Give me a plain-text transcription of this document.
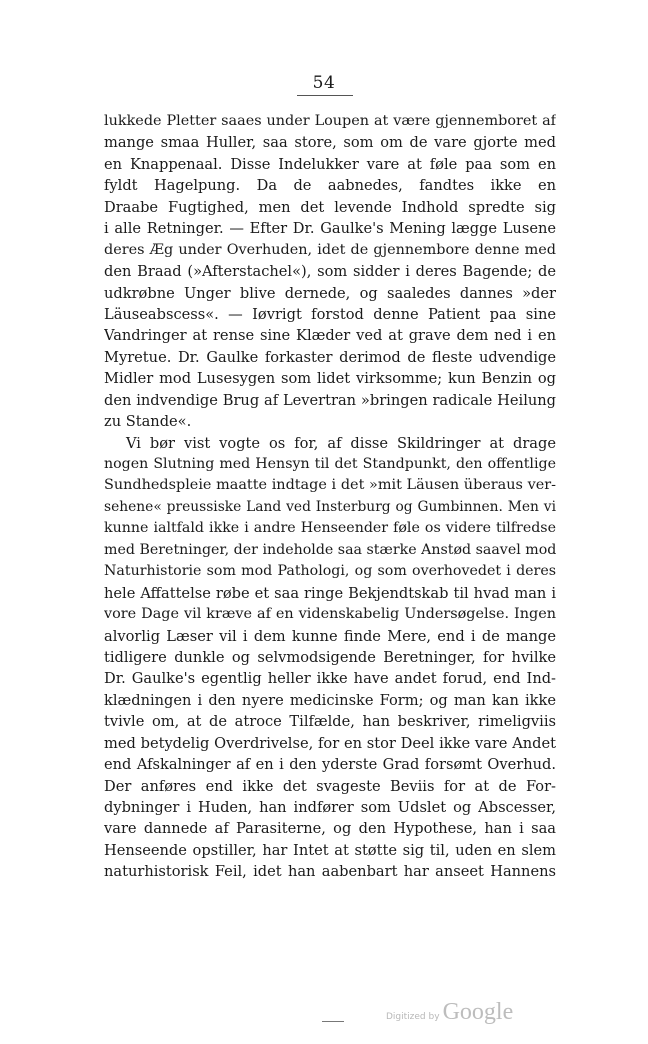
54
lukkede Pletter saaes under Loupen at være gjennemboret af
mange smaa Huller, saa store, som om de vare gjorte med
en Knappenaal. Disse Indelukker vare at føle paa som en
fyldt Hagelpung. Da de aabnedes, fandtes ikke en
Draabe Fugtighed, men det levende Indhold spredte sig
i alle Retninger. — Efter Dr. Gaulke's Mening lægge Lusene
deres Æg under Overhuden, idet de gjennembore denne med
den Braad (»Afterstachel«), som sidder i deres Bagende; de
udkrøbne Unger blive dernede, og saaledes dannes »der
Läuseabscess«. — Iøvrigt forstod denne Patient paa sine
Vandringer at rense sine Klæder ved at grave dem ned i en
Myretue. Dr. Gaulke forkaster derimod de fleste udvendige
Midler mod Lusesygen som lidet virksomme; kun Benzin og
den indvendige Brug af Levertran »bringen radicale Heilung
zu Stande«.
Vi bør vist vogte os for, af disse Skildringer at drage
nogen Slutning med Hensyn til det Standpunkt, den offentlige
Sundhedspleie maatte indtage i det »mit Läusen überaus ver-
sehene« preussiske Land ved Insterburg og Gumbinnen. Men vi
kunne ialtfald ikke i andre Henseender føle os videre tilfredse
med Beretninger, der indeholde saa stærke Anstød saavel mod
Naturhistorie som mod Pathologi, og som overhovedet i deres
hele Affattelse røbe et saa ringe Bekjendtskab til hvad man i
vore Dage vil kræve af en videnskabelig Undersøgelse. Ingen
alvorlig Læser vil i dem kunne finde Mere, end i de mange
tidligere dunkle og selvmodsigende Beretninger, for hvilke
Dr. Gaulke's egentlig heller ikke have andet forud, end Ind-
klædningen i den nyere medicinske Form; og man kan ikke
tvivle om, at de atroce Tilfælde, han beskriver, rimeligviis
med betydelig Overdrivelse, for en stor Deel ikke vare Andet
end Afskalninger af en i den yderste Grad forsømt Overhud.
Der anføres end ikke det svageste Beviis for at de For-
dybninger i Huden, han indfører som Udslet og Abscesser,
vare dannede af Parasiterne, og den Hypothese, han i saa
Henseende opstiller, har Intet at støtte sig til, uden en slem
naturhistorisk Feil, idet han aabenbart har anseet Hannens
Digitized by Google
